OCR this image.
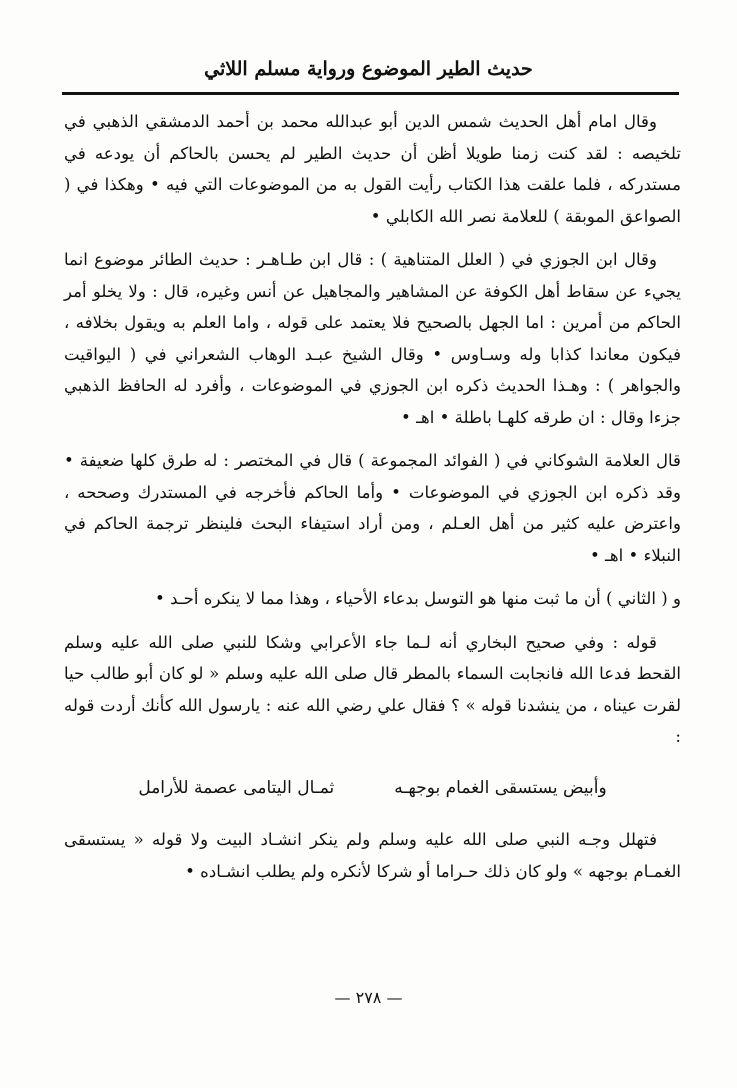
حديث الطير الموضوع ورواية مسلم اللاثي

وقال امام أهل الحديث شمس الدين أبو عبدالله محمد بن أحمد الدمشقي الذهبي في تلخيصه : لقد كنت زمنا طويلا أظن أن حديث الطير لم يحسن بالحاكم أن يودعه في مستدركه ، فلما علقت هذا الكتاب رأيت القول به من الموضوعات التي فيه • وهكذا في ( الصواعق الموبقة ) للعلامة نصر الله الكابلي •

وقال ابن الجوزي في ( العلل المتناهية ) : قال ابن طـاهـر : حديث الطائر موضوع انما يجيء عن سقاط أهل الكوفة عن المشاهير والمجاهيل عن أنس وغيره، قال : ولا يخلو أمر الحاكم من أمرين : اما الجهل بالصحيح فلا يعتمد على قوله ، واما العلم به ويقول بخلافه ، فيكون معاندا كذابا وله وسـاوس • وقال الشيخ عبـد الوهاب الشعراني في ( اليواقيت والجواهر ) : وهـذا الحديث ذكره ابن الجوزي في الموضوعات ، وأفرد له الحافظ الذهبي جزءا وقال : ان طرقه كلهـا باطلة • اهـ •

قال العلامة الشوكاني في ( الفوائد المجموعة ) قال في المختصر : له طرق كلها ضعيفة • وقد ذكره ابن الجوزي في الموضوعات • وأما الحاكم فأخرجه في المستدرك وصححه ، واعترض عليه كثير من أهل العـلم ، ومن أراد استيفاء البحث فلينظر ترجمة الحاكم في النبلاء • اهـ •

و ( الثاني ) أن ما ثبت منها هو التوسل بدعاء الأحياء ، وهذا مما لا ينكره أحـد •

قوله : وفي صحيح البخاري أنه لـما جاء الأعرابي وشكا للنبي صلى الله عليه وسلم القحط فدعا الله فانجابت السماء بالمطر قال صلى الله عليه وسلم « لو كان أبو طالب حيا لقرت عيناه ، من ينشدنا قوله » ؟ فقال علي رضي الله عنه : يارسول الله كأنك أردت قوله :

وأبيض يستسقى الغمام بوجهـه
ثمـال اليتامى عصمة للأرامل

فتهلل وجـه النبي صلى الله عليه وسلم ولم ينكر انشـاد البيت ولا قوله « يستسقى الغمـام بوجهه » ولو كان ذلك حـراما أو شركا لأنكره ولم يطلب انشـاده •

— ٢٧٨ —
